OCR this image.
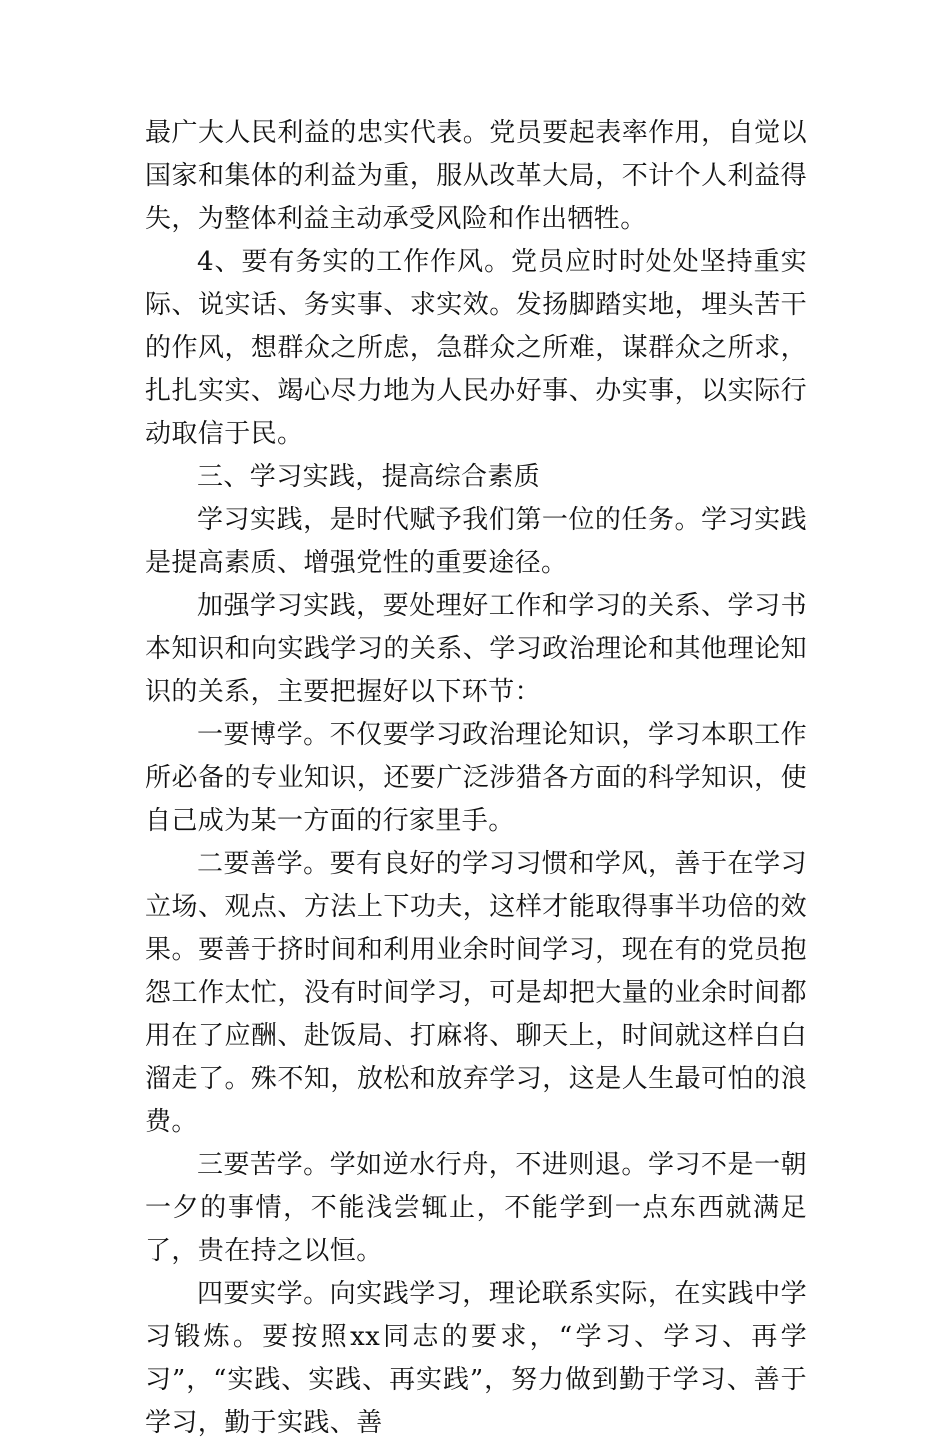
最广大人民利益的忠实代表。党员要起表率作用，自觉以国家和集体的利益为重，服从改革大局，不计个人利益得失，为整体利益主动承受风险和作出牺牲。

4、要有务实的工作作风。党员应时时处处坚持重实际、说实话、务实事、求实效。发扬脚踏实地，埋头苦干的作风，想群众之所虑，急群众之所难，谋群众之所求，扎扎实实、竭心尽力地为人民办好事、办实事，以实际行动取信于民。

三、学习实践，提高综合素质

学习实践，是时代赋予我们第一位的任务。学习实践是提高素质、增强党性的重要途径。

加强学习实践，要处理好工作和学习的关系、学习书本知识和向实践学习的关系、学习政治理论和其他理论知识的关系，主要把握好以下环节：

一要博学。不仅要学习政治理论知识，学习本职工作所必备的专业知识，还要广泛涉猎各方面的科学知识，使自己成为某一方面的行家里手。

二要善学。要有良好的学习习惯和学风，善于在学习立场、观点、方法上下功夫，这样才能取得事半功倍的效果。要善于挤时间和利用业余时间学习，现在有的党员抱怨工作太忙，没有时间学习，可是却把大量的业余时间都用在了应酬、赴饭局、打麻将、聊天上，时间就这样白白溜走了。殊不知，放松和放弃学习，这是人生最可怕的浪费。

三要苦学。学如逆水行舟，不进则退。学习不是一朝一夕的事情，不能浅尝辄止，不能学到一点东西就满足了，贵在持之以恒。

四要实学。向实践学习，理论联系实际，在实践中学习锻炼。要按照xx同志的要求，“学习、学习、再学习”，“实践、实践、再实践”，努力做到勤于学习、善于学习，勤于实践、善
